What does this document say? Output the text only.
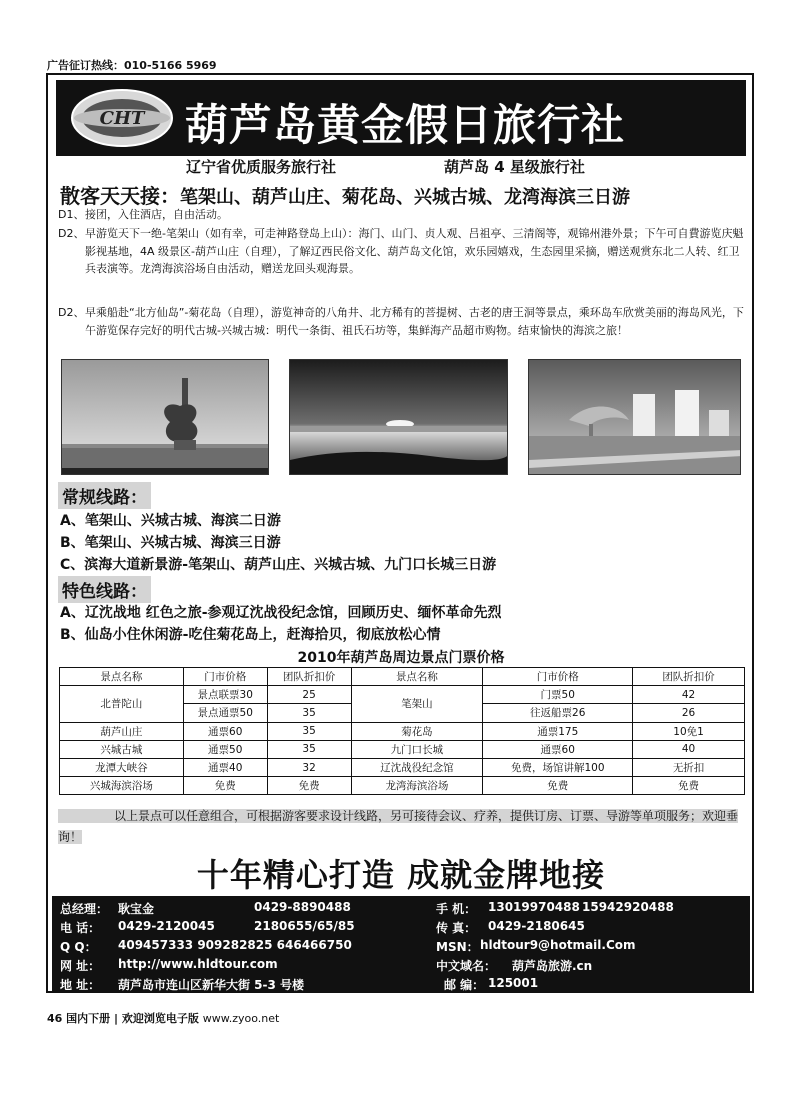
广告征订热线：010-5166 5969
CHT 葫芦岛黄金假日旅行社
辽宁省优质服务旅行社	葫芦岛 4 星级旅行社
散客天天接：笔架山、葫芦山庄、菊花岛、兴城古城、龙湾海滨三日游
D1、 接团，入住酒店，自由活动。
D2、 早游览天下一绝-笔架山（如有幸，可走神路登岛上山）：海门、山门、贞人观、吕祖亭、三清阁等，观锦州港外景；下午可自費游览庆魁影视基地，4A 级景区-葫芦山庄（自理），了解辽西民俗文化、葫芦岛文化馆，欢乐园嬉戏，生态园里采摘，赠送观赏东北二人转、红卫兵表演等。龙湾海滨浴场自由活动，赠送龙回头观海景。
D2、 早乘船赴“北方仙岛”-菊花岛（自理），游览神奇的八角井、北方稀有的菩提树、古老的唐王洞等景点，乘环岛车欣赏美丽的海岛风光，下午游览保存完好的明代古城-兴城古城：明代一条街、祖氏石坊等，集鲜海产品超市购物。结束愉快的海滨之旅！
常规线路：
A、笔架山、兴城古城、海滨二日游
B、笔架山、兴城古城、海滨三日游
C、滨海大道新景游-笔架山、葫芦山庄、兴城古城、九门口长城三日游
特色线路：
A、辽沈战地 红色之旅-参观辽沈战役纪念馆，回顾历史、缅怀革命先烈
B、仙岛小住休闲游-吃住菊花岛上，赶海拾贝，彻底放松心情
2010年葫芦岛周边景点门票价格
景点名称	门市价格	团队折扣价	景点名称	门市价格	团队折扣价
北普陀山	景点联票30	25	笔架山	门票50	42
	景点通票50	35		往返船票26	26
葫芦山庄	通票60	35	菊花岛	通票175	10免1
兴城古城	通票50	35	九门口长城	通票60	40
龙潭大峡谷	通票40	32	辽沈战役纪念馆	免费，场馆讲解100	无折扣
兴城海滨浴场	免费	免费	龙湾海滨浴场	免费	免费
以上景点可以任意组合，可根据游客要求设计线路，另可接待会议、疗养，提供订房、订票、导游等单项服务；欢迎垂询！
十年精心打造 成就金牌地接
总经理： 耿宝金	0429-8890488	手 机： 13019970488 15942920488
电 话： 0429-2120045	2180655/65/85	传 真： 0429-2180645
Q Q： 409457333 909282825 646466750	MSN： hldtour9@hotmail.Com
网 址： http://www.hldtour.com	中文域名： 葫芦岛旅游.cn
地 址： 葫芦岛市连山区新华大街 5-3 号楼	邮 编： 125001
46 国内下册 | 欢迎浏览电子版 www.zyoo.net
